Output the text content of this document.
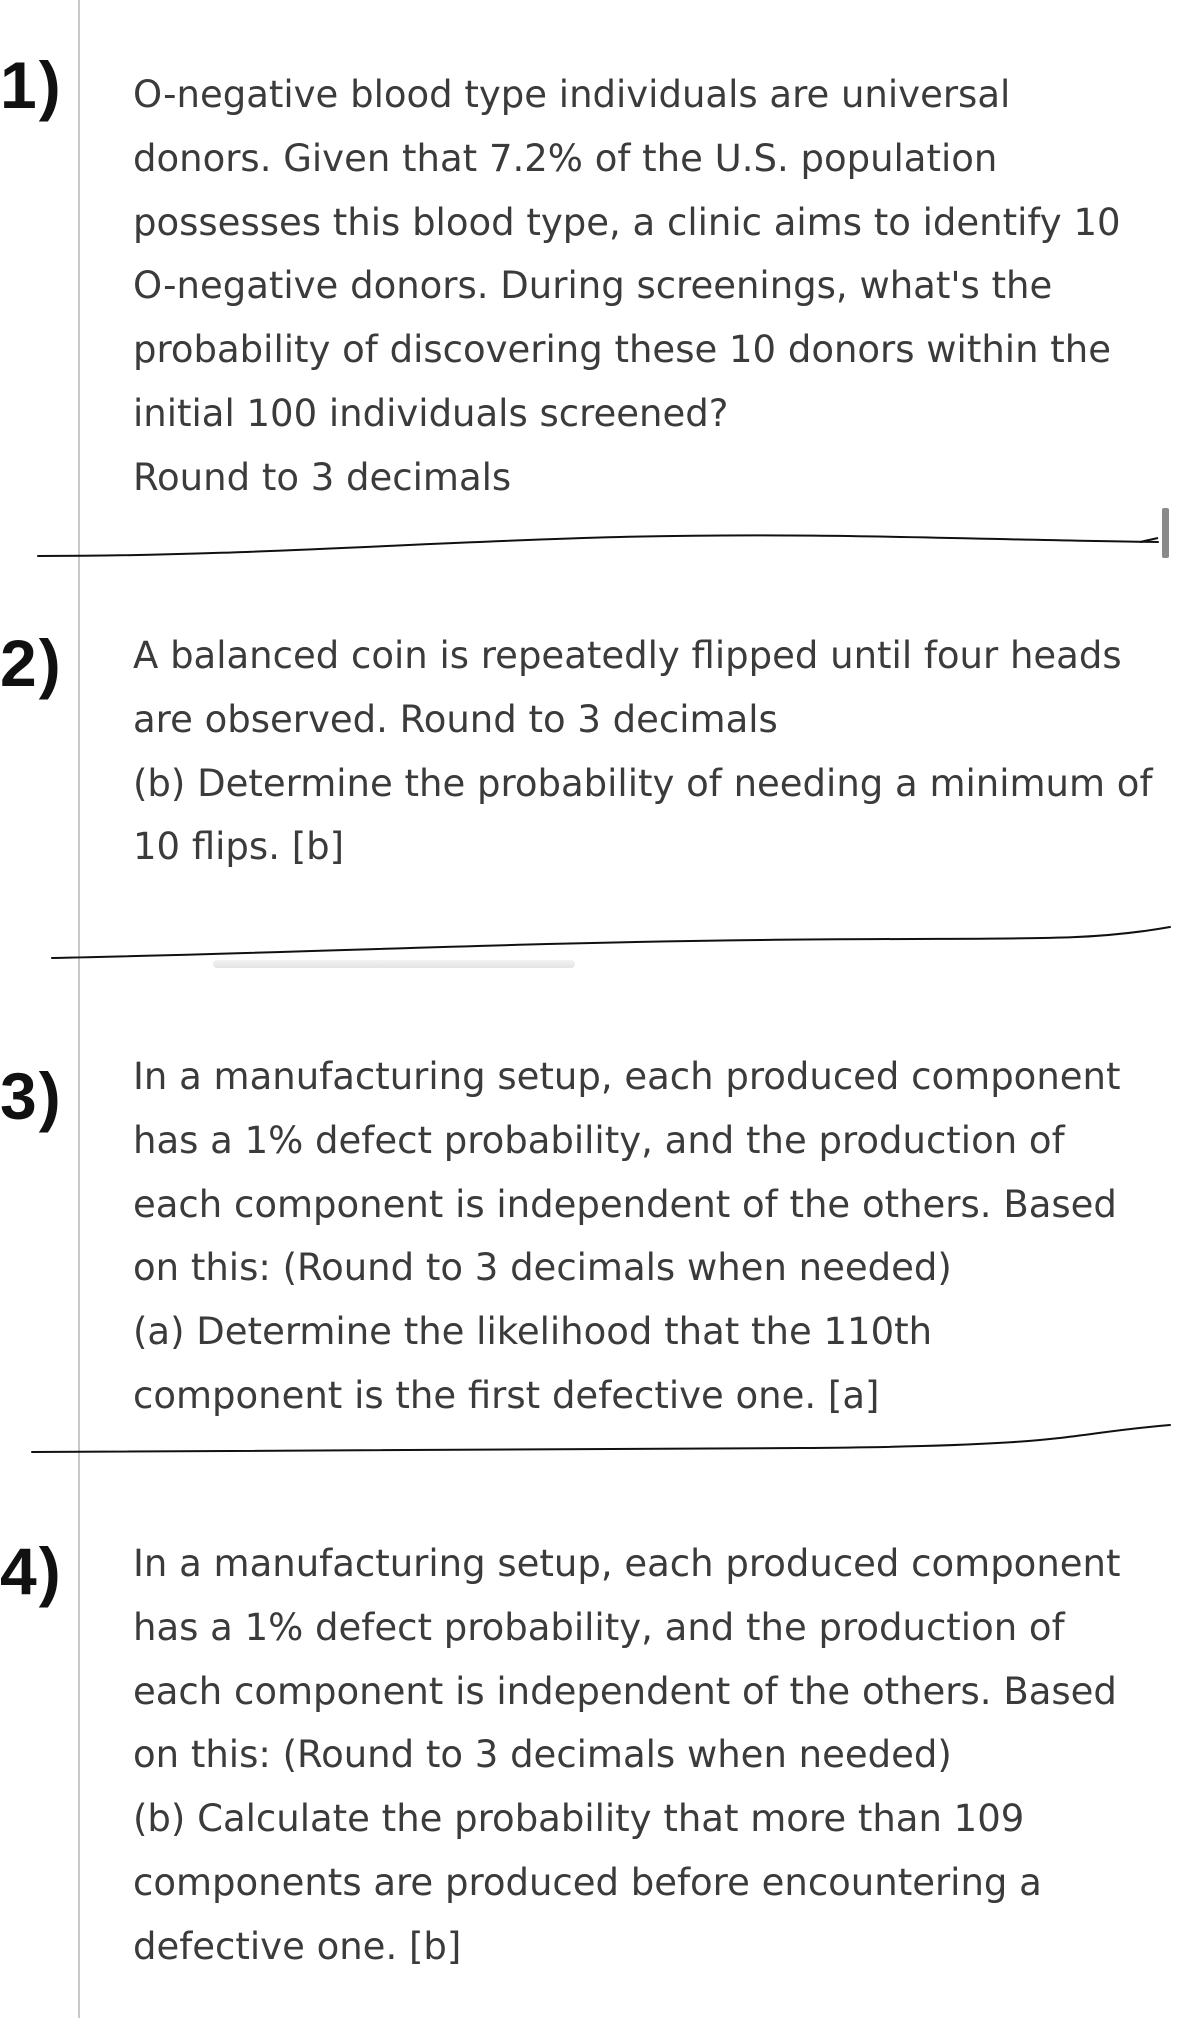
1) O-negative blood type individuals are universal
donors. Given that 7.2% of the U.S. population
possesses this blood type, a clinic aims to identify 10
O-negative donors. During screenings, what's the
probability of discovering these 10 donors within the
initial 100 individuals screened?
Round to 3 decimals
2) A balanced coin is repeatedly flipped until four heads
are observed. Round to 3 decimals
(b) Determine the probability of needing a minimum of
10 flips. [b]
3) In a manufacturing setup, each produced component
has a 1% defect probability, and the production of
each component is independent of the others. Based
on this: (Round to 3 decimals when needed)
(a) Determine the likelihood that the 110th
component is the first defective one. [a]
4) In a manufacturing setup, each produced component
has a 1% defect probability, and the production of
each component is independent of the others. Based
on this: (Round to 3 decimals when needed)
(b) Calculate the probability that more than 109
components are produced before encountering a
defective one. [b]
